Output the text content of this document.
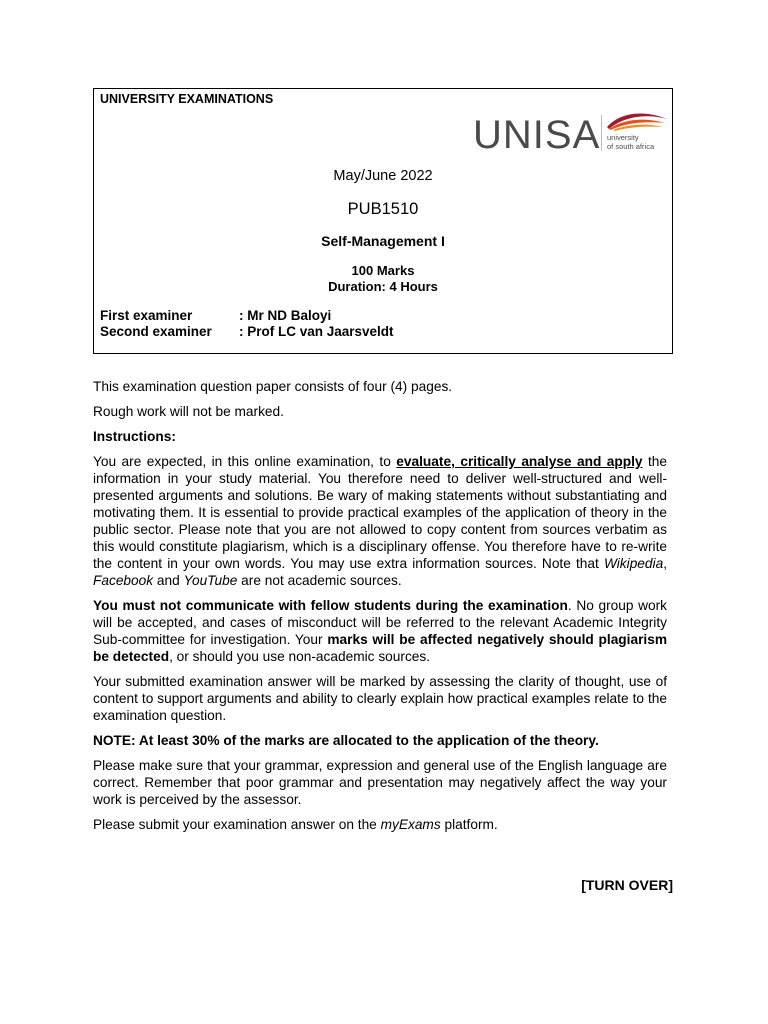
UNIVERSITY EXAMINATIONS
UNISA university
of south africa
May/June 2022
PUB1510
Self-Management I
100 Marks
Duration: 4 Hours
First examiner	: Mr ND Baloyi
Second examiner	: Prof LC van Jaarsveldt

This examination question paper consists of four (4) pages.

Rough work will not be marked.

Instructions:

You are expected, in this online examination, to evaluate, critically analyse and apply the information in your study material. You therefore need to deliver well-structured and well-presented arguments and solutions. Be wary of making statements without substantiating and motivating them. It is essential to provide practical examples of the application of theory in the public sector. Please note that you are not allowed to copy content from sources verbatim as this would constitute plagiarism, which is a disciplinary offense. You therefore have to re-write the content in your own words. You may use extra information sources. Note that Wikipedia, Facebook and YouTube are not academic sources.

You must not communicate with fellow students during the examination. No group work will be accepted, and cases of misconduct will be referred to the relevant Academic Integrity Sub-committee for investigation. Your marks will be affected negatively should plagiarism be detected, or should you use non-academic sources.

Your submitted examination answer will be marked by assessing the clarity of thought, use of content to support arguments and ability to clearly explain how practical examples relate to the examination question.

NOTE: At least 30% of the marks are allocated to the application of the theory.

Please make sure that your grammar, expression and general use of the English language are correct. Remember that poor grammar and presentation may negatively affect the way your work is perceived by the assessor.

Please submit your examination answer on the myExams platform.

[TURN OVER]
